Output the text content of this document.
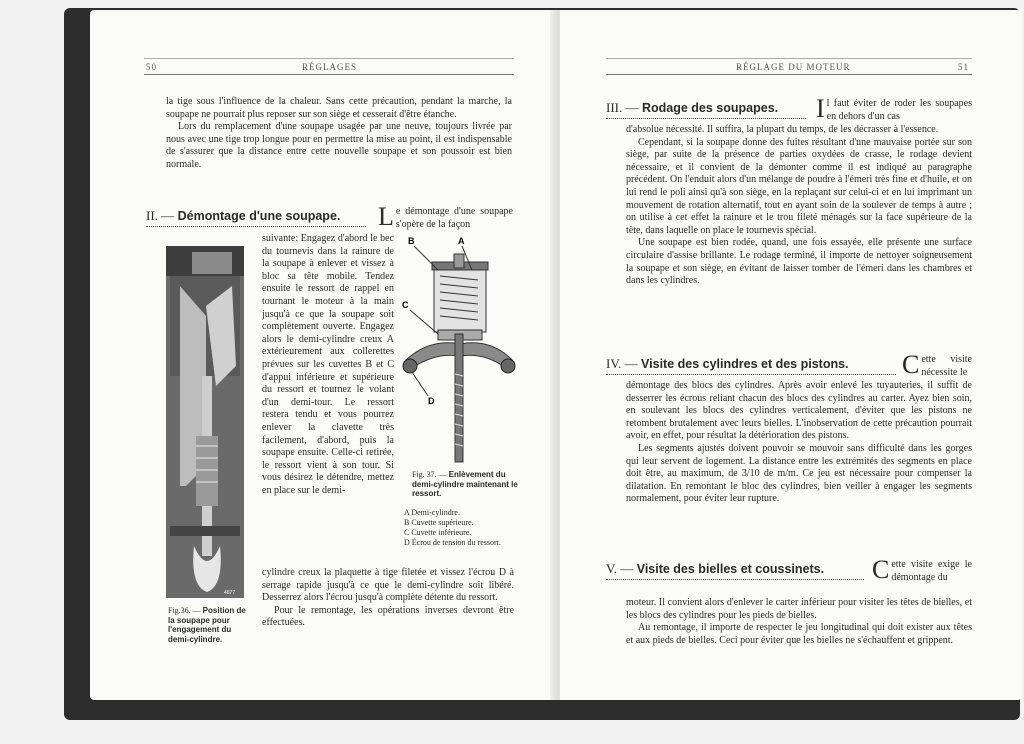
50	RÉGLAGES

la tige sous l'influence de la chaleur. Sans cette précaution, pendant la marche, la soupape ne pourrait plus reposer sur son siège et cesserait d'être étanche.

Lors du remplacement d'une soupape usagée par une neuve, toujours livrée par nous avec une tige trop longue pour en permettre la mise au point, il est indispensable de s'assurer que la distance entre cette nouvelle soupape et son poussoir est bien normale.

II. — Démontage d'une soupape. Le démontage d'une soupape s'opère de la façon
4677
Fig.36. — Position de la soupape pour l'engagement du demi-cylindre.
suivante: Engagez d'abord le bec du tournevis dans la rainure de la soupape à enlever et vissez à bloc sa tête mobile. Tendez ensuite le ressort de rappel en tournant le moteur à la main jusqu'à ce que la soupape soit complètement ouverte. Engagez alors le demi-cylindre creux A extérieurement aux collerettes prévues sur les cuvettes B et C d'appui inférieure et supérieure du ressort et tournez le volant d'un demi-tour. Le ressort restera tendu et vous pourrez enlever la clavette très facilement, d'abord, puis la soupape ensuite. Celle-ci retirée, le ressort vient à son tour. Si vous désirez le détendre, mettez en place sur le demi-
B	A
C
D
Fig. 37. — Enlèvement du demi-cylindre maintenant le ressort.
A Demi-cylindre.
B Cuvette supérieure.
C Cuvette inférieure.
D Écrou de tension du ressort.

cylindre creux la plaquette à tige filetée et vissez l'écrou D à serrage rapide jusqu'à ce que le demi-cylindre soit libéré. Desserrez alors l'écrou jusqu'à complète détente du ressort.

Pour le remontage, les opérations inverses devront être effectuées.

RÉGLAGE DU MOTEUR	51
III. — Rodage des soupapes. Il faut éviter de roder les soupapes en dehors d'un cas

d'absolue nécessité. Il suffira, la plupart du temps, de les décrasser à l'essence.

Cependant, si la soupape donne des fuites résultant d'une mauvaise portée sur son siège, par suite de la présence de parties oxydées de crasse, le rodage devient nécessaire, et il convient de la démonter comme il est indiqué au paragraphe précédent. On l'enduit alors d'un mélange de poudre à l'émeri très fine et d'huile, et on lui rend le poli ainsi qu'à son siège, en la replaçant sur celui-ci et en lui imprimant un mouvement de rotation alternatif, tout en ayant soin de la soulever de temps à autre ; on utilise à cet effet la rainure et le trou fileté ménagés sur la face supérieure de la tête, dans laquelle on place le tournevis spécial.

Une soupape est bien rodée, quand, une fois essayée, elle présente une surface circulaire d'assise brillante. Le rodage terminé, il importe de nettoyer soigneusement la soupape et son siège, en évitant de laisser tomber de l'émeri dans les chambres et dans les cylindres.

IV. — Visite des cylindres et des pistons. Cette visite nécessite le

démontage des blocs des cylindres. Après avoir enlevé les tuyauteries, il suffit de desserrer les écrous reliant chacun des blocs des cylindres au carter. Ayez bien soin, en soulevant les blocs des cylindres verticalement, d'éviter que les pistons ne retombent brutalement avec leurs bielles. L'inobservation de cette précaution pourrait avoir, en effet, pour résultat la détérioration des pistons.

Les segments ajustés doivent pouvoir se mouvoir sans difficulté dans les gorges qui leur servent de logement. La distance entre les extrémités des segments en place doit être, au maximum, de 3/10 de m/m. Ce jeu est nécessaire pour compenser la dilatation. En remontant le bloc des cylindres, bien veiller à engager les segments normalement, pour éviter leur rupture.

V. — Visite des bielles et coussinets. Cette visite exige le démontage du

moteur. Il convient alors d'enlever le carter inférieur pour visiter les têtes de bielles, et les blocs des cylindres pour les pieds de bielles.

Au remontage, il importe de respecter le jeu longitudinal qui doit exister aux têtes et aux pieds de bielles. Ceci pour éviter que les bielles ne s'échauffent et grippent.
